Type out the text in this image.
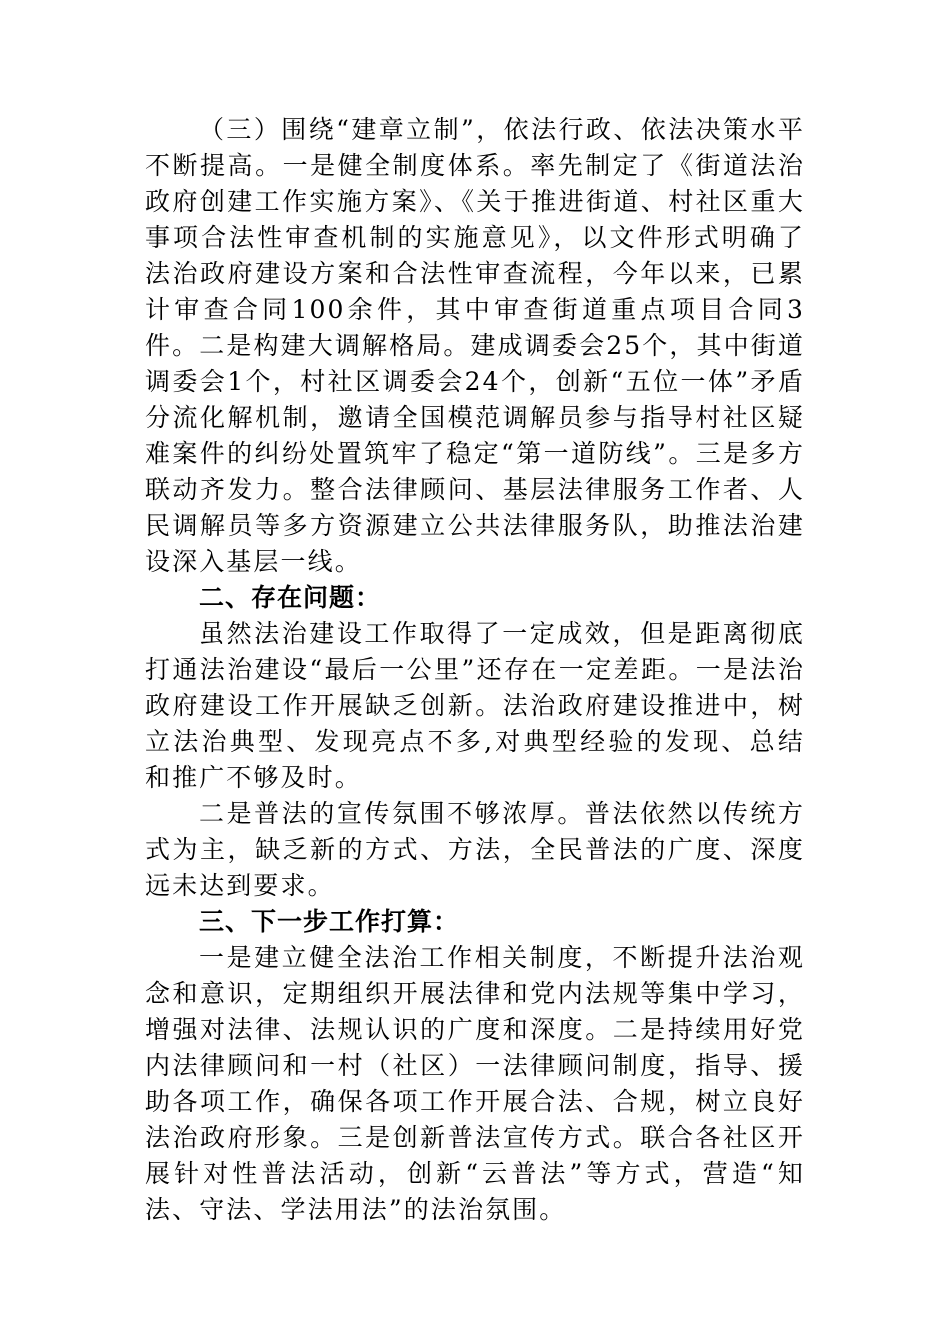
（三）围绕“建章立制”，依法行政、依法决策水平不断提高。一是健全制度体系。率先制定了《街道法治政府创建工作实施方案》、《关于推进街道、村社区重大事项合法性审查机制的实施意见》，以文件形式明确了法治政府建设方案和合法性审查流程，今年以来，已累计审查合同100余件，其中审查街道重点项目合同3件。二是构建大调解格局。建成调委会25个，其中街道调委会1个，村社区调委会24个，创新“五位一体”矛盾分流化解机制，邀请全国模范调解员参与指导村社区疑难案件的纠纷处置筑牢了稳定“第一道防线”。三是多方联动齐发力。整合法律顾问、基层法律服务工作者、人民调解员等多方资源建立公共法律服务队，助推法治建设深入基层一线。

二、存在问题：

虽然法治建设工作取得了一定成效，但是距离彻底打通法治建设“最后一公里”还存在一定差距。一是法治政府建设工作开展缺乏创新。法治政府建设推进中，树立法治典型、发现亮点不多,对典型经验的发现、总结和推广不够及时。

二是普法的宣传氛围不够浓厚。普法依然以传统方式为主，缺乏新的方式、方法，全民普法的广度、深度远未达到要求。

三、下一步工作打算：

一是建立健全法治工作相关制度，不断提升法治观念和意识，定期组织开展法律和党内法规等集中学习，增强对法律、法规认识的广度和深度。二是持续用好党内法律顾问和一村（社区）一法律顾问制度，指导、援助各项工作，确保各项工作开展合法、合规，树立良好法治政府形象。三是创新普法宣传方式。联合各社区开展针对性普法活动，创新“云普法”等方式，营造“知法、守法、学法用法”的法治氛围。
